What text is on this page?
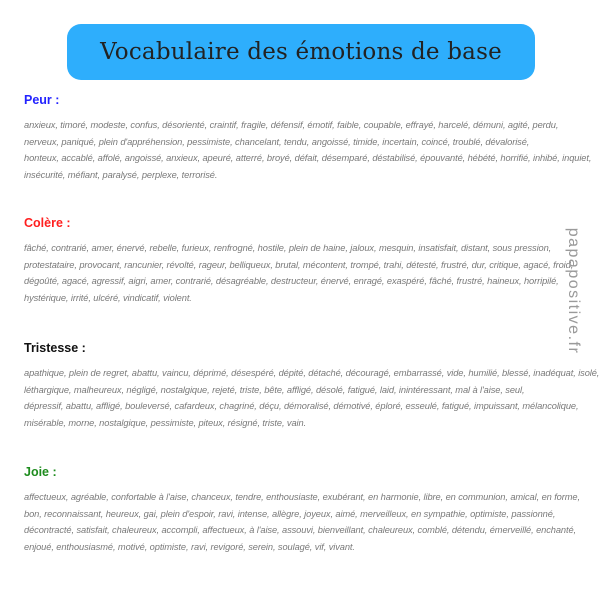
Vocabulaire des émotions de base
Peur :
anxieux, timoré, modeste, confus, désorienté, craintif, fragile, défensif, émotif, faible, coupable, effrayé, harcelé, démuni, agité, perdu,
nerveux, paniqué, plein d'appréhension, pessimiste, chancelant, tendu, angoissé, timide, incertain, coincé, troublé, dévalorisé,
honteux, accablé, affolé, angoissé, anxieux, apeuré, atterré, broyé, défait, désemparé, déstabilisé, épouvanté, hébété, horrifié, inhibé, inquiet,
insécurité, méfiant, paralysé, perplexe, terrorisé.
Colère :
fâché, contrarié, amer, énervé, rebelle, furieux, renfrogné, hostile, plein de haine, jaloux, mesquin, insatisfait, distant, sous pression,
protestataire, provocant, rancunier, révolté, rageur, belliqueux, brutal, mécontent, trompé, trahi, détesté, frustré, dur, critique, agacé, froid,
dégoûté, agacé, agressif, aigri, amer, contrarié, désagréable, destructeur, énervé, enragé, exaspéré, fâché, frustré, haineux, horripilé,
hystérique, irrité, ulcéré, vindicatif, violent.
Tristesse :
apathique, plein de regret, abattu, vaincu, déprimé, désespéré, dépité, détaché, découragé, embarrassé, vide, humilié, blessé, inadéquat, isolé,
léthargique, malheureux, négligé, nostalgique, rejeté, triste, bête, affligé, désolé, fatigué, laid, inintéressant, mal à l'aise, seul,
dépressif, abattu, affligé, bouleversé, cafardeux, chagriné, déçu, démoralisé, démotivé, éploré, esseulé, fatigué, impuissant, mélancolique,
misérable, morne, nostalgique, pessimiste, piteux, résigné, triste, vain.
Joie :
affectueux, agréable, confortable à l'aise, chanceux, tendre, enthousiaste, exubérant, en harmonie, libre, en communion, amical, en forme,
bon, reconnaissant, heureux, gai, plein d'espoir, ravi, intense, allègre, joyeux, aimé, merveilleux, en sympathie, optimiste, passionné,
décontracté, satisfait, chaleureux, accompli, affectueux, à l'aise, assouvi, bienveillant, chaleureux, comblé, détendu, émerveillé, enchanté,
enjoué, enthousiasmé, motivé, optimiste, ravi, revigoré, serein, soulagé, vif, vivant.
papapositive.fr
